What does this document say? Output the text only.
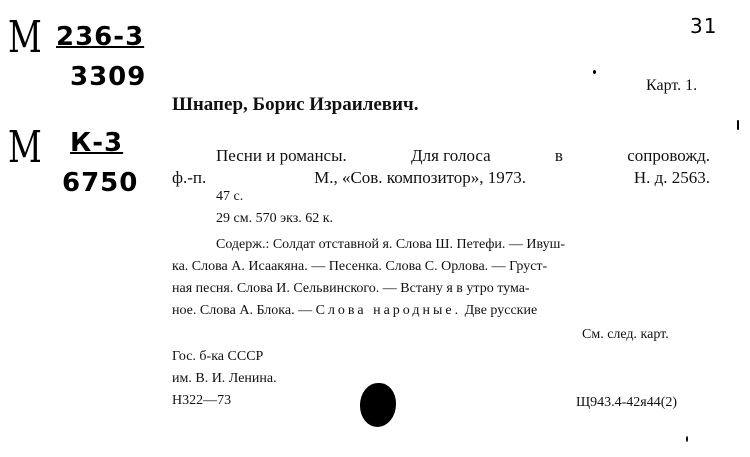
М 236-3
3309
М К-3
6750
31
Карт. 1.
Шнапер, Борис Израилевич.
Песни и романсы.	Для голоса	в	сопровожд.
ф.-п.	М., «Сов. композитор», 1973.	Н. д. 2563.
47 с.
29 см. 570 экз. 62 к.
Содерж.: Солдат отставной я. Слова Ш. Петефи. — Ивуш-
ка. Слова А. Исаакяна. — Песенка. Слова С. Орлова. — Груст-
ная песня. Слова И. Сельвинского. — Встану я в утро тума-
ное. Слова А. Блока. — Слова народные. Две русские
См. след. карт.
Гос. б-ка СССР
им. В. И. Ленина.
Н322—73	Щ943.4-42я44(2)
